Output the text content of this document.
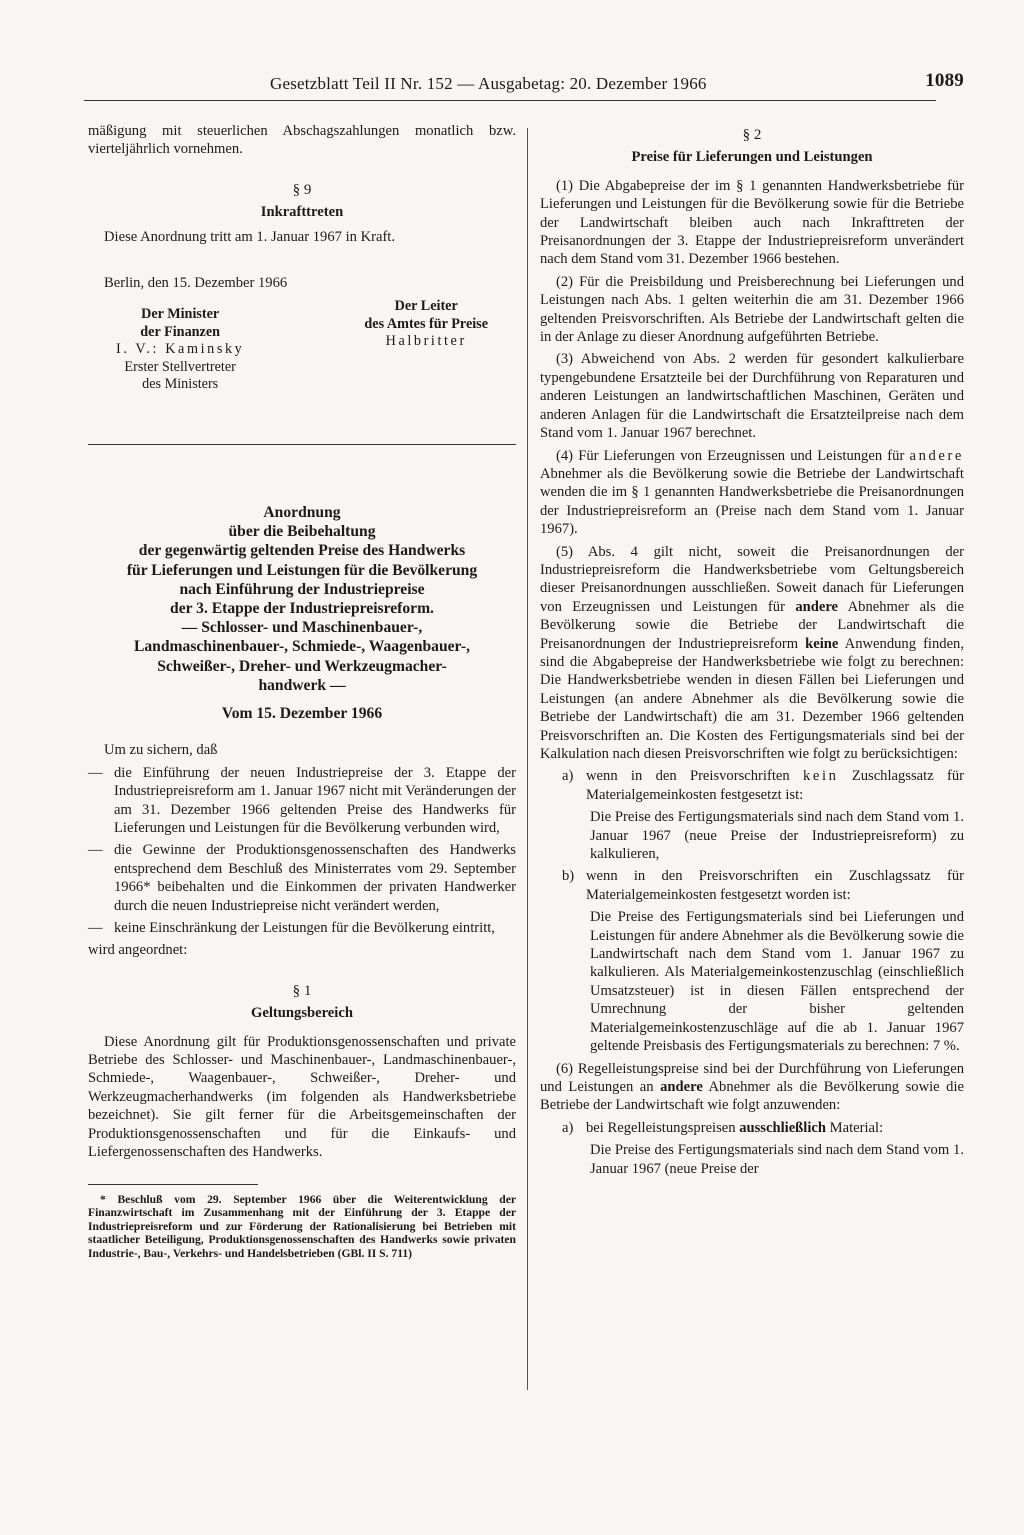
Gesetzblatt Teil II Nr. 152 — Ausgabetag: 20. Dezember 1966	1089

mäßigung mit steuerlichen Abschagszahlungen monatlich bzw. vierteljährlich vornehmen.

§ 9

Inkrafttreten

Diese Anordnung tritt am 1. Januar 1967 in Kraft.

Berlin, den 15. Dezember 1966

Der Minister
der Finanzen
I. V.: Kaminsky
Erster Stellvertreter
des Ministers
Der Leiter
des Amtes für Preise
Halbritter
Anordnung
über die Beibehaltung
der gegenwärtig geltenden Preise des Handwerks
für Lieferungen und Leistungen für die Bevölkerung
nach Einführung der Industriepreise
der 3. Etappe der Industriepreisreform.
— Schlosser- und Maschinenbauer-,
Landmaschinenbauer-, Schmiede-, Waagenbauer-,
Schweißer-, Dreher- und Werkzeugmacher-
handwerk —

Vom 15. Dezember 1966

Um zu sichern, daß

— die Einführung der neuen Industriepreise der 3. Etappe der Industriepreisreform am 1. Januar 1967 nicht mit Veränderungen der am 31. Dezember 1966 geltenden Preise des Handwerks für Lieferungen und Leistungen für die Bevölkerung verbunden wird,
— die Gewinne der Produktionsgenossenschaften des Handwerks entsprechend dem Beschluß des Ministerrates vom 29. September 1966* beibehalten und die Einkommen der privaten Handwerker durch die neuen Industriepreise nicht verändert werden,
— keine Einschränkung der Leistungen für die Bevölkerung eintritt,

wird angeordnet:

§ 1

Geltungsbereich

Diese Anordnung gilt für Produktionsgenossenschaften und private Betriebe des Schlosser- und Maschinenbauer-, Landmaschinenbauer-, Schmiede-, Waagenbauer-, Schweißer-, Dreher- und Werkzeugmacherhandwerks (im folgenden als Handwerksbetriebe bezeichnet). Sie gilt ferner für die Arbeitsgemeinschaften der Produktionsgenossenschaften und für die Einkaufs- und Liefergenossenschaften des Handwerks.

* Beschluß vom 29. September 1966 über die Weiterentwicklung der Finanzwirtschaft im Zusammenhang mit der Einführung der 3. Etappe der Industriepreisreform und zur Förderung der Rationalisierung bei Betrieben mit staatlicher Beteiligung, Produktionsgenossenschaften des Handwerks sowie privaten Industrie-, Bau-, Verkehrs- und Handelsbetrieben (GBl. II S. 711)

§ 2

Preise für Lieferungen und Leistungen

(1) Die Abgabepreise der im § 1 genannten Handwerksbetriebe für Lieferungen und Leistungen für die Bevölkerung sowie für die Betriebe der Landwirtschaft bleiben auch nach Inkrafttreten der Preisanordnungen der 3. Etappe der Industriepreisreform unverändert nach dem Stand vom 31. Dezember 1966 bestehen.

(2) Für die Preisbildung und Preisberechnung bei Lieferungen und Leistungen nach Abs. 1 gelten weiterhin die am 31. Dezember 1966 geltenden Preisvorschriften. Als Betriebe der Landwirtschaft gelten die in der Anlage zu dieser Anordnung aufgeführten Betriebe.

(3) Abweichend von Abs. 2 werden für gesondert kalkulierbare typengebundene Ersatzteile bei der Durchführung von Reparaturen und anderen Leistungen an landwirtschaftlichen Maschinen, Geräten und anderen Anlagen für die Landwirtschaft die Ersatzteilpreise nach dem Stand vom 1. Januar 1967 berechnet.

(4) Für Lieferungen von Erzeugnissen und Leistungen für andere Abnehmer als die Bevölkerung sowie die Betriebe der Landwirtschaft wenden die im § 1 genannten Handwerksbetriebe die Preisanordnungen der Industriepreisreform an (Preise nach dem Stand vom 1. Januar 1967).

(5) Abs. 4 gilt nicht, soweit die Preisanordnungen der Industriepreisreform die Handwerksbetriebe vom Geltungsbereich dieser Preisanordnungen ausschließen. Soweit danach für Lieferungen von Erzeugnissen und Leistungen für andere Abnehmer als die Bevölkerung sowie die Betriebe der Landwirtschaft die Preisanordnungen der Industriepreisreform keine Anwendung finden, sind die Abgabepreise der Handwerksbetriebe wie folgt zu berechnen: Die Handwerksbetriebe wenden in diesen Fällen bei Lieferungen und Leistungen (an andere Abnehmer als die Bevölkerung sowie die Betriebe der Landwirtschaft) die am 31. Dezember 1966 geltenden Preisvorschriften an. Die Kosten des Fertigungsmaterials sind bei der Kalkulation nach diesen Preisvorschriften wie folgt zu berücksichtigen:

a) wenn in den Preisvorschriften kein Zuschlagssatz für Materialgemeinkosten festgesetzt ist:

Die Preise des Fertigungsmaterials sind nach dem Stand vom 1. Januar 1967 (neue Preise der Industriepreisreform) zu kalkulieren,

b) wenn in den Preisvorschriften ein Zuschlagssatz für Materialgemeinkosten festgesetzt worden ist:

Die Preise des Fertigungsmaterials sind bei Lieferungen und Leistungen für andere Abnehmer als die Bevölkerung sowie die Landwirtschaft nach dem Stand vom 1. Januar 1967 zu kalkulieren. Als Materialgemeinkostenzuschlag (einschließlich Umsatzsteuer) ist in diesen Fällen entsprechend der Umrechnung der bisher geltenden Materialgemeinkostenzuschläge auf die ab 1. Januar 1967 geltende Preisbasis des Fertigungsmaterials zu berechnen: 7 %.

(6) Regelleistungspreise sind bei der Durchführung von Lieferungen und Leistungen an andere Abnehmer als die Bevölkerung sowie die Betriebe der Landwirtschaft wie folgt anzuwenden:

a) bei Regelleistungspreisen ausschließlich Material:

Die Preise des Fertigungsmaterials sind nach dem Stand vom 1. Januar 1967 (neue Preise der
